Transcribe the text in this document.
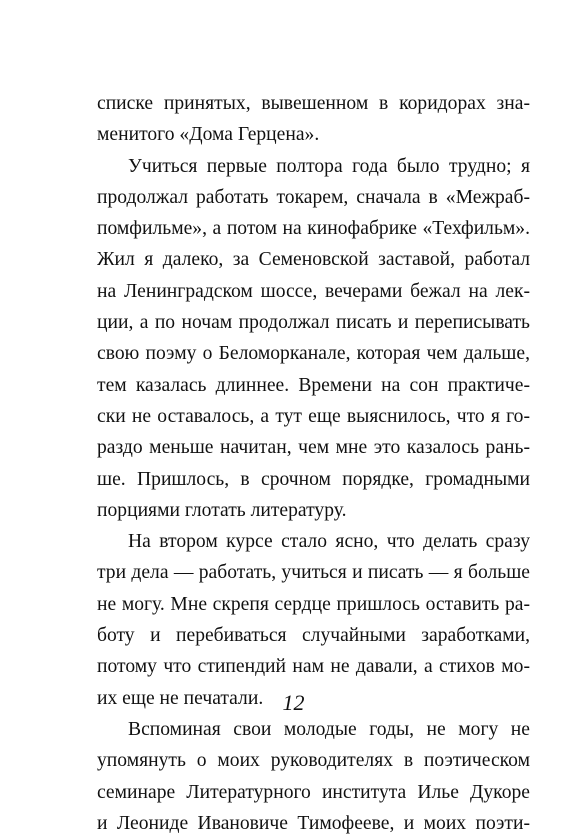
списке принятых, вывешенном в коридорах зна-
менитого «Дома Герцена».
Учиться первые полтора года было трудно; я
продолжал работать токарем, сначала в «Межраб-
помфильме», а потом на кинофабрике «Техфильм».
Жил я далеко, за Семеновской заставой, работал
на Ленинградском шоссе, вечерами бежал на лек-
ции, а по ночам продолжал писать и переписывать
свою поэму о Беломорканале, которая чем дальше,
тем казалась длиннее. Времени на сон практиче-
ски не оставалось, а тут еще выяснилось, что я го-
раздо меньше начитан, чем мне это казалось рань-
ше. Пришлось, в срочном порядке, громадными
порциями глотать литературу.
На втором курсе стало ясно, что делать сразу
три дела — работать, учиться и писать — я больше
не могу. Мне скрепя сердце пришлось оставить ра-
боту и перебиваться случайными заработками,
потому что стипендий нам не давали, а стихов мо-
их еще не печатали.
Вспоминая свои молодые годы, не могу не
упомянуть о моих руководителях в поэтическом
семинаре Литературного института Илье Дукоре
и Леониде Ивановиче Тимофееве, и моих поэти-
12
